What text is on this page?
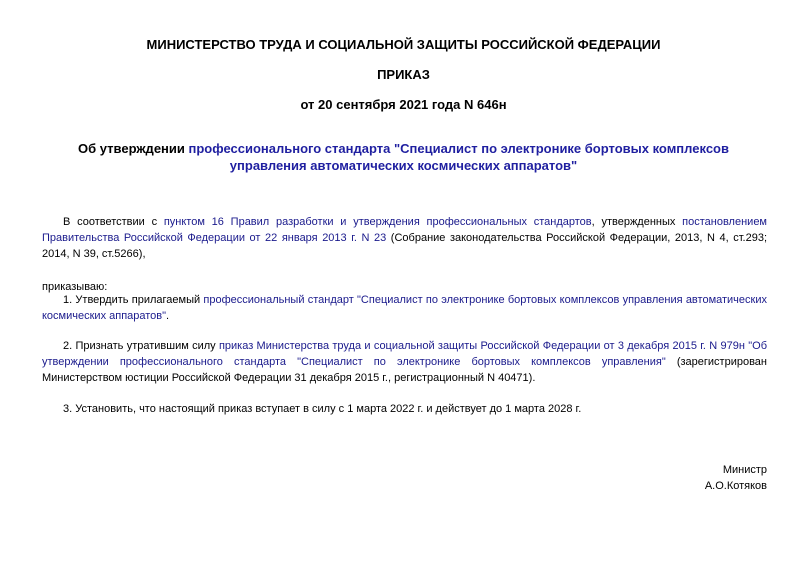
МИНИСТЕРСТВО ТРУДА И СОЦИАЛЬНОЙ ЗАЩИТЫ РОССИЙСКОЙ ФЕДЕРАЦИИ
ПРИКАЗ
от 20 сентября 2021 года N 646н
Об утверждении профессионального стандарта "Специалист по электронике бортовых комплексов управления автоматических космических аппаратов"

В соответствии с пунктом 16 Правил разработки и утверждения профессиональных стандартов, утвержденных постановлением Правительства Российской Федерации от 22 января 2013 г. N 23 (Собрание законодательства Российской Федерации, 2013, N 4, ст.293; 2014, N 39, ст.5266),

приказываю:

1. Утвердить прилагаемый профессиональный стандарт "Специалист по электронике бортовых комплексов управления автоматических космических аппаратов".

2. Признать утратившим силу приказ Министерства труда и социальной защиты Российской Федерации от 3 декабря 2015 г. N 979н "Об утверждении профессионального стандарта "Специалист по электронике бортовых комплексов управления" (зарегистрирован Министерством юстиции Российской Федерации 31 декабря 2015 г., регистрационный N 40471).

3. Установить, что настоящий приказ вступает в силу с 1 марта 2022 г. и действует до 1 марта 2028 г.

Министр
А.О.Котяков
